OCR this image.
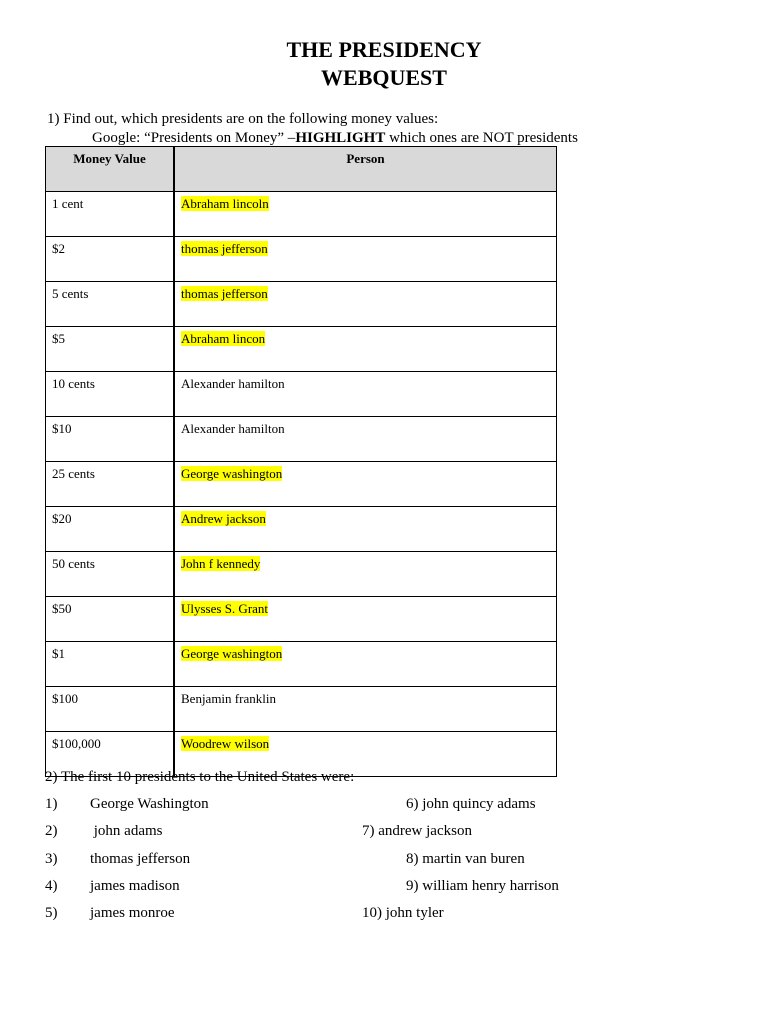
THE PRESIDENCY
WEBQUEST
1) Find out, which presidents are on the following money values:
Google: “Presidents on Money” –HIGHLIGHT which ones are NOT presidents
Money Value	Person
1 cent	Abraham lincoln
$2	thomas jefferson
5 cents	thomas jefferson
$5	Abraham lincon
10 cents	Alexander hamilton
$10	Alexander hamilton
25 cents	George washington
$20	Andrew jackson
50 cents	John f kennedy
$50	Ulysses S. Grant
$1	George washington
$100	Benjamin franklin
$100,000	Woodrew wilson
2) The first 10 presidents to the United States were:
1) George Washington	6) john quincy adams
2) john adams	7) andrew jackson
3) thomas jefferson	8) martin van buren
4) james madison	9) william henry harrison
5) james monroe	10) john tyler
